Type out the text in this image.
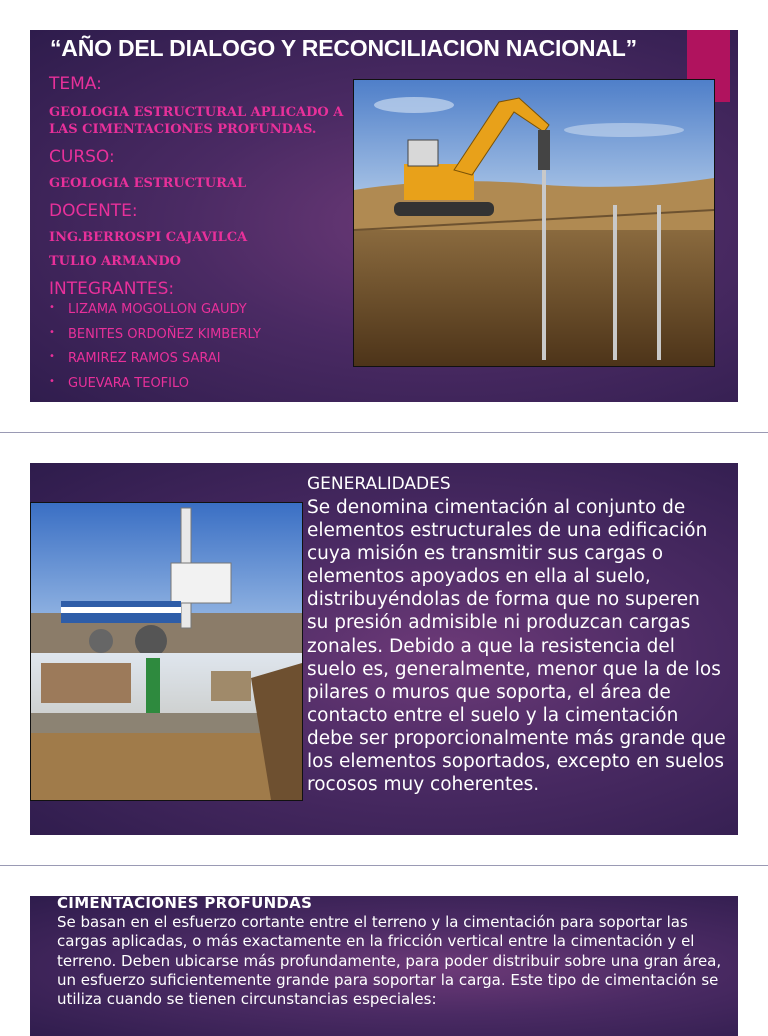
“AÑO DEL DIALOGO Y RECONCILIACION NACIONAL”
TEMA:
GEOLOGIA ESTRUCTURAL APLICADO A LAS CIMENTACIONES PROFUNDAS.
CURSO:
GEOLOGIA ESTRUCTURAL
DOCENTE:
ING.BERROSPI CAJAVILCA
TULIO ARMANDO
INTEGRANTES:
• LIZAMA MOGOLLON GAUDY
• BENITES ORDOÑEZ KIMBERLY
• RAMIREZ RAMOS SARAI
• GUEVARA TEOFILO
GENERALIDADES
Se denomina cimentación al conjunto de elementos estructurales de una edificación cuya misión es transmitir sus cargas o elementos apoyados en ella al suelo, distribuyéndolas de forma que no superen su presión admisible ni produzcan cargas zonales. Debido a que la resistencia del suelo es, generalmente, menor que la de los pilares o muros que soporta, el área de contacto entre el suelo y la cimentación debe ser proporcionalmente más grande que los elementos soportados, excepto en suelos rocosos muy coherentes.
CIMENTACIONES PROFUNDAS
Se basan en el esfuerzo cortante entre el terreno y la cimentación para soportar las cargas aplicadas, o más exactamente en la fricción vertical entre la cimentación y el terreno. Deben ubicarse más profundamente, para poder distribuir sobre una gran área, un esfuerzo suficientemente grande para soportar la carga. Este tipo de cimentación se utiliza cuando se tienen circunstancias especiales:
